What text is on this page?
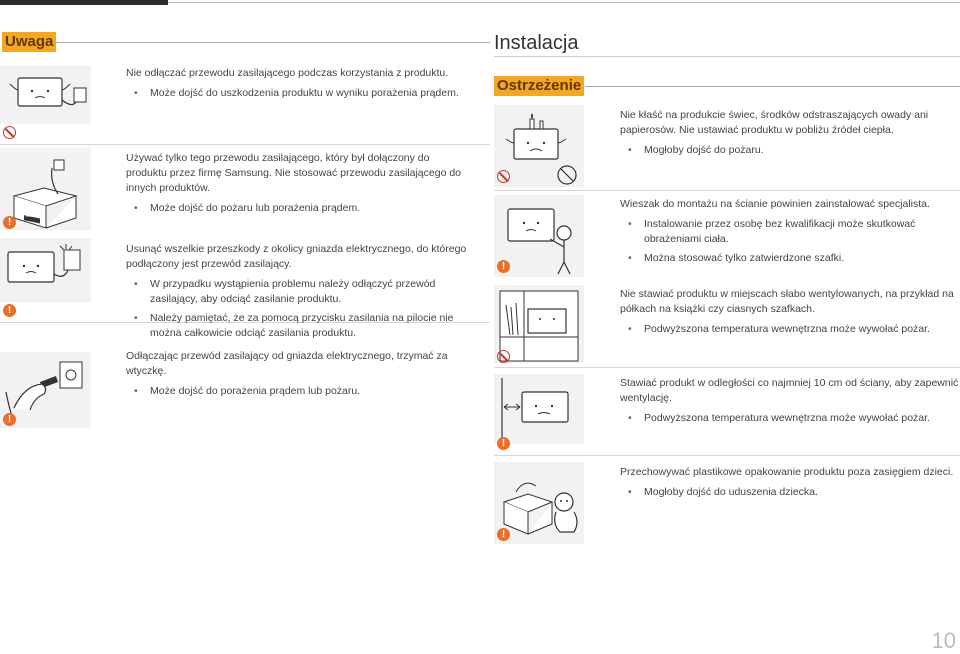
Uwaga	Instalacja
Ostrzeżenie

Nie odłączać przewodu zasilającego podczas korzystania z produktu.

• Może dojść do uszkodzenia produktu w wyniku porażenia prądem.
SAMSUNG
!

Używać tylko tego przewodu zasilającego, który był dołączony do produktu przez firmę Samsung. Nie stosować przewodu zasilającego do innych produktów.

• Może dojść do pożaru lub porażenia prądem.
!

Usunąć wszelkie przeszkody z okolicy gniazda elektrycznego, do którego podłączony jest przewód zasilający.

• W przypadku wystąpienia problemu należy odłączyć przewód zasilający, aby odciąć zasilanie produktu.
• Należy pamiętać, że za pomocą przycisku zasilania na pilocie nie można całkowicie odciąć zasilania produktu.
!

Odłączając przewód zasilający od gniazda elektrycznego, trzymać za wtyczkę.

• Może dojść do porażenia prądem lub pożaru.

Nie kłaść na produkcie świec, środków odstraszających owady ani papierosów. Nie ustawiać produktu w pobliżu źródeł ciepła.

• Mogłoby dojść do pożaru.
!

Wieszak do montażu na ścianie powinien zainstalować specjalista.

• Instalowanie przez osobę bez kwalifikacji może skutkować obrażeniami ciała.
• Można stosować tylko zatwierdzone szafki.

Nie stawiać produktu w miejscach słabo wentylowanych, na przykład na półkach na książki czy ciasnych szafkach.

• Podwyższona temperatura wewnętrzna może wywołać pożar.
!

Stawiać produkt w odległości co najmniej 10 cm od ściany, aby zapewnić wentylację.

• Podwyższona temperatura wewnętrzna może wywołać pożar.
!

Przechowywać plastikowe opakowanie produktu poza zasięgiem dzieci.

• Mogłoby dojść do uduszenia dziecka.
10
